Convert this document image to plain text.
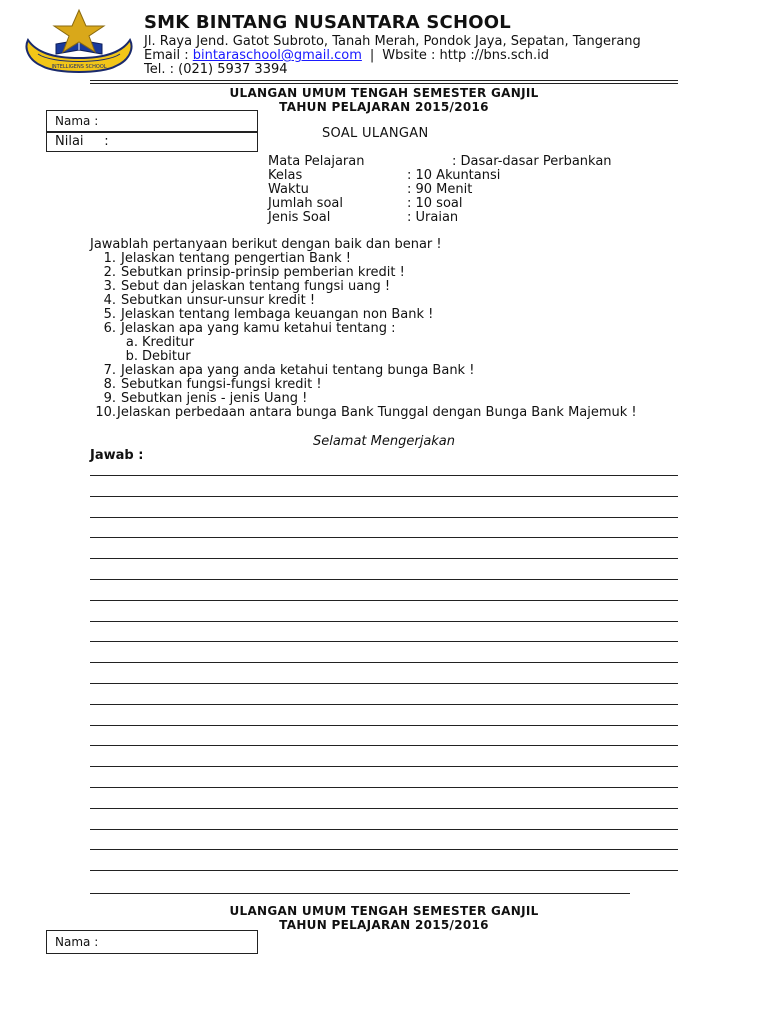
INTELLIGENS SCHOOL
SMK BINTANG NUSANTARA SCHOOL
Jl. Raya Jend. Gatot Subroto, Tanah Merah, Pondok Jaya, Sepatan, Tangerang
Email : bintaraschool@gmail.com | Wbsite : http ://bns.sch.id
Tel. : (021) 5937 3394
ULANGAN UMUM TENGAH SEMESTER GANJIL
TAHUN PELAJARAN 2015/2016
Nama :
Nilai     :
SOAL ULANGAN
Mata Pelajaran	: Dasar-dasar Perbankan
Kelas	: 10 Akuntansi
Waktu	: 90 Menit
Jumlah soal	: 10 soal
Jenis Soal	: Uraian
Jawablah pertanyaan berikut dengan baik dan benar !
1. Jelaskan tentang pengertian Bank !
2. Sebutkan prinsip-prinsip pemberian kredit !
3. Sebut dan jelaskan tentang fungsi uang !
4. Sebutkan unsur-unsur kredit !
5. Jelaskan tentang lembaga keuangan non Bank !
6. Jelaskan apa yang kamu ketahui tentang :
a. Kreditur
b. Debitur
7. Jelaskan apa yang anda ketahui tentang bunga Bank !
8. Sebutkan fungsi-fungsi kredit !
9. Sebutkan jenis - jenis Uang !
10.Jelaskan perbedaan antara bunga Bank Tunggal dengan Bunga Bank Majemuk !
Selamat Mengerjakan
Jawab :
ULANGAN UMUM TENGAH SEMESTER GANJIL
TAHUN PELAJARAN 2015/2016
Nama :
